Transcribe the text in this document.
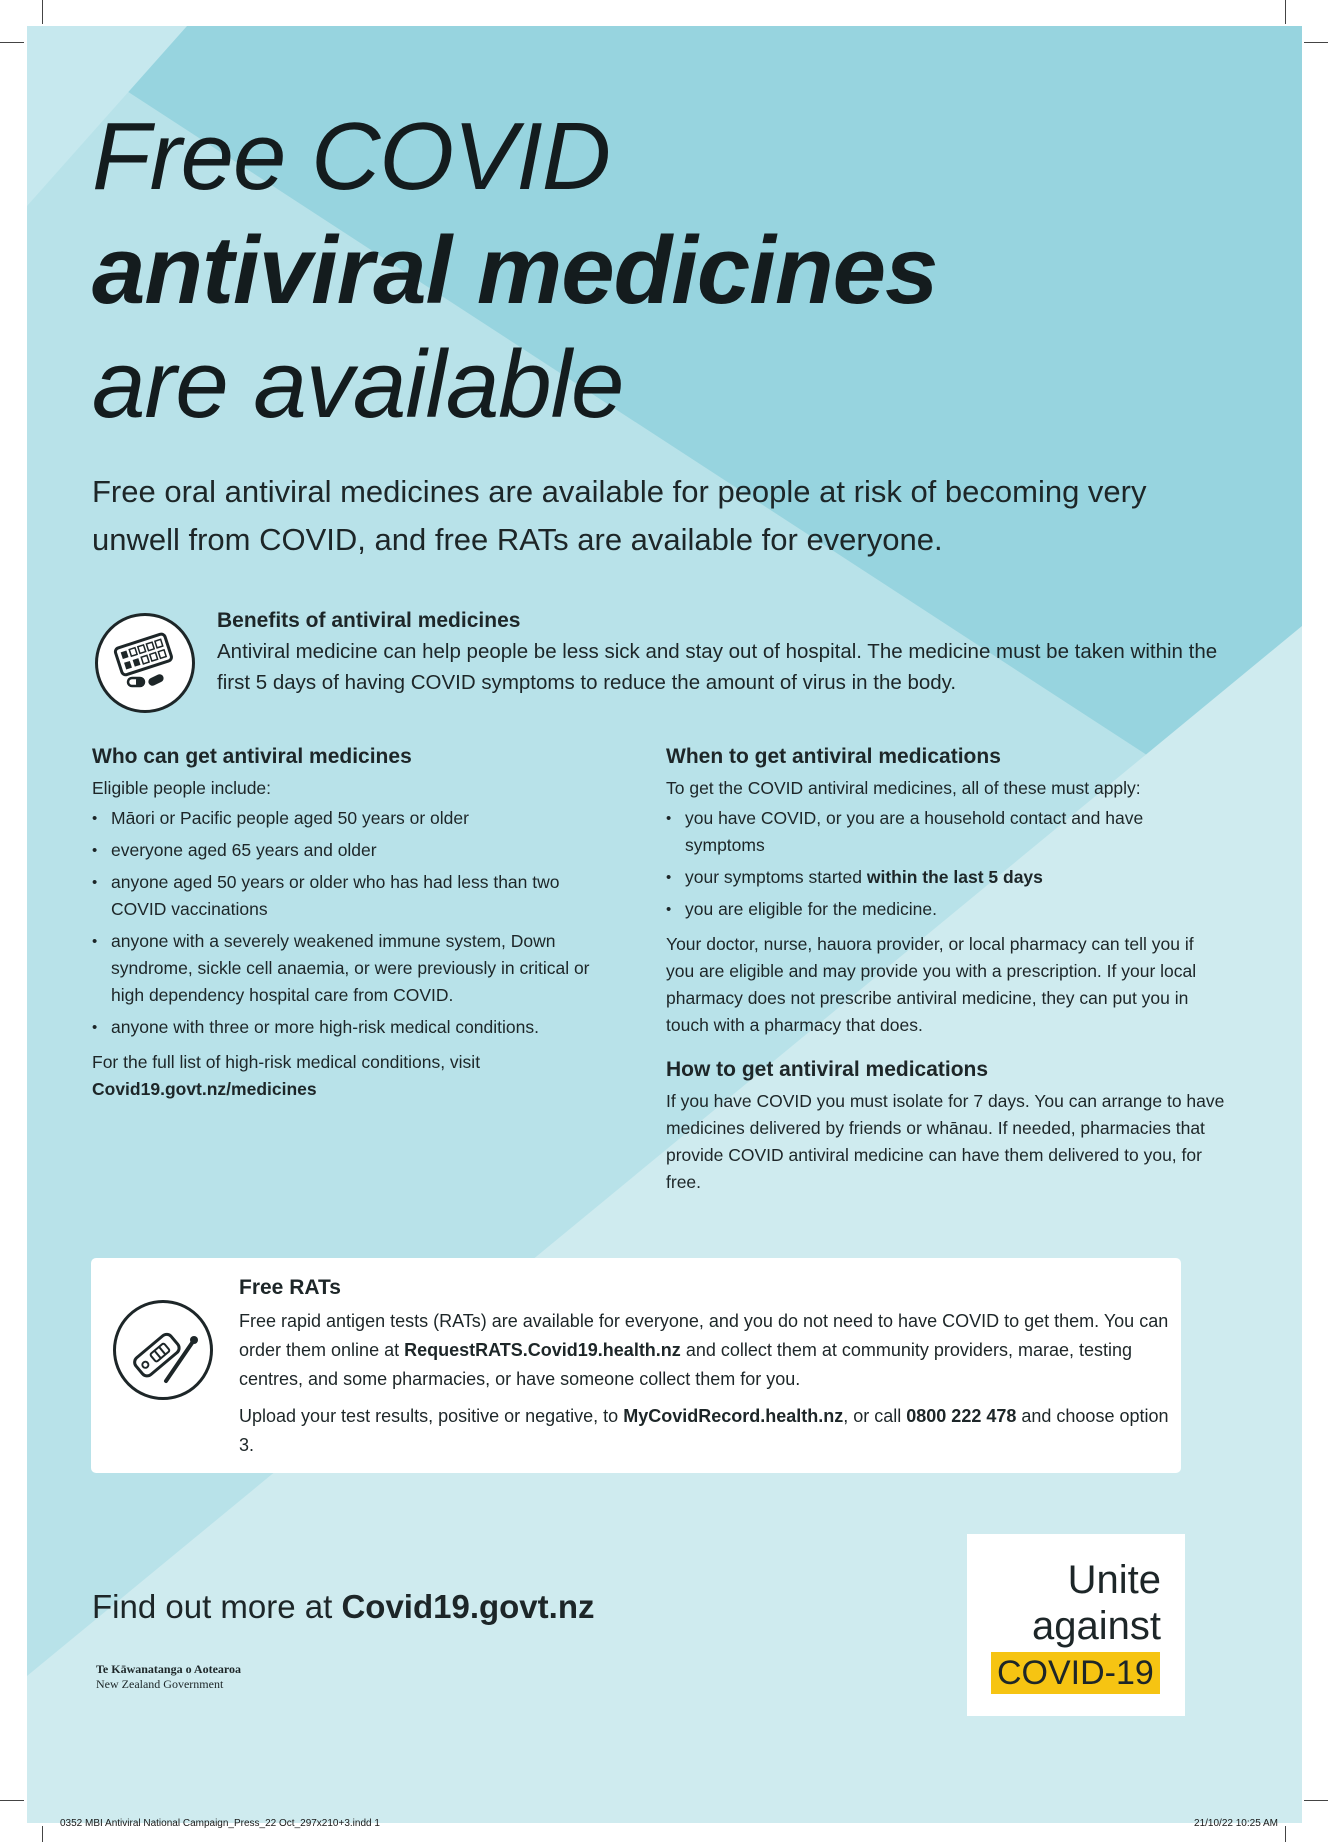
Free COVID
antiviral medicines
are available
Free oral antiviral medicines are available for people at risk of becoming very unwell from COVID, and free RATs are available for everyone.
Benefits of antiviral medicines
Antiviral medicine can help people be less sick and stay out of hospital. The medicine must be taken within the first 5 days of having COVID symptoms to reduce the amount of virus in the body.
Who can get antiviral medicines
Eligible people include:
• Māori or Pacific people aged 50 years or older
• everyone aged 65 years and older
• anyone aged 50 years or older who has had less than two COVID vaccinations
• anyone with a severely weakened immune system, Down syndrome, sickle cell anaemia, or were previously in critical or high dependency hospital care from COVID.
• anyone with three or more high-risk medical conditions.
For the full list of high-risk medical conditions, visit Covid19.govt.nz/medicines
When to get antiviral medications
To get the COVID antiviral medicines, all of these must apply:
• you have COVID, or you are a household contact and have symptoms
• your symptoms started within the last 5 days
• you are eligible for the medicine.
Your doctor, nurse, hauora provider, or local pharmacy can tell you if you are eligible and may provide you with a prescription. If your local pharmacy does not prescribe antiviral medicine, they can put you in touch with a pharmacy that does.
How to get antiviral medications
If you have COVID you must isolate for 7 days. You can arrange to have medicines delivered by friends or whānau. If needed, pharmacies that provide COVID antiviral medicine can have them delivered to you, for free.
Free RATs
Free rapid antigen tests (RATs) are available for everyone, and you do not need to have COVID to get them. You can order them online at RequestRATS.Covid19.health.nz and collect them at community providers, marae, testing centres, and some pharmacies, or have someone collect them for you.
Upload your test results, positive or negative, to MyCovidRecord.health.nz, or call 0800 222 478 and choose option 3.
Find out more at Covid19.govt.nz
Te Kāwanatanga o Aotearoa
New Zealand Government
Unite
against
COVID-19
0352 MBI Antiviral National Campaign_Press_22 Oct_297x210+3.indd 1	21/10/22 10:25 AM
